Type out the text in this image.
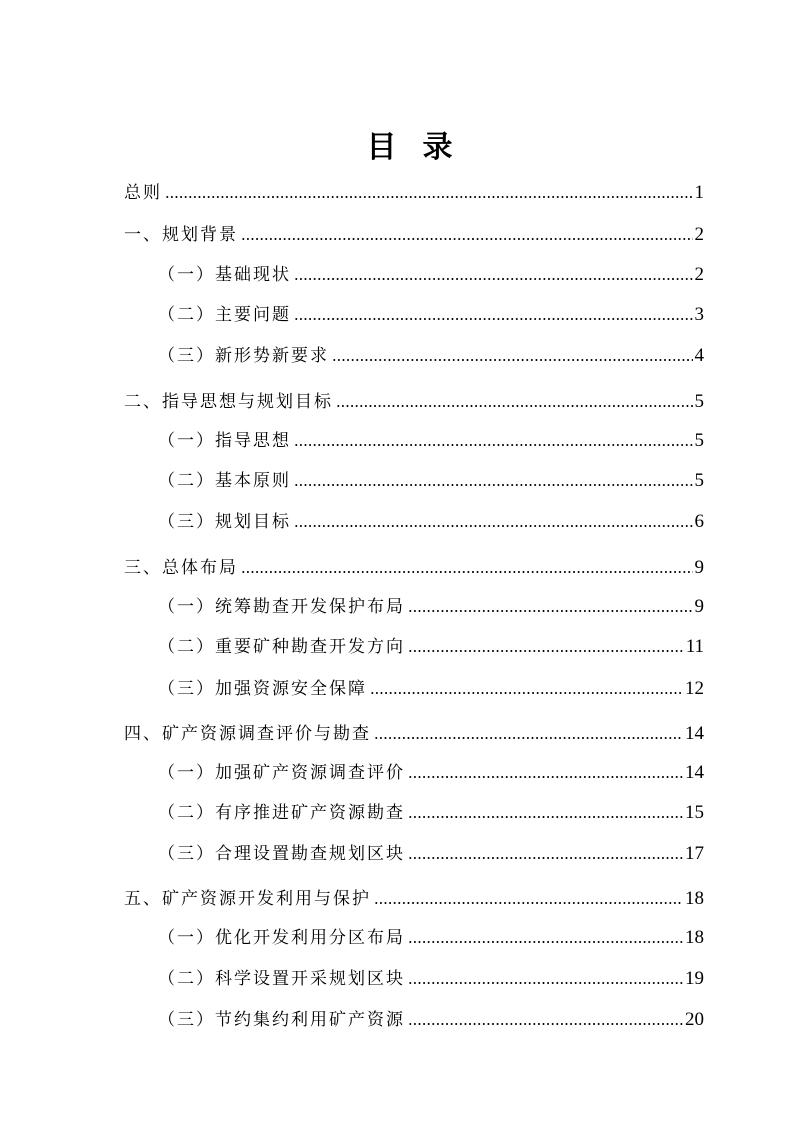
目录
总则	1
一、规划背景	2
（一）基础现状	2
（二）主要问题	3
（三）新形势新要求	4
二、指导思想与规划目标	5
（一）指导思想	5
（二）基本原则	5
（三）规划目标	6
三、总体布局	9
（一）统筹勘查开发保护布局	9
（二）重要矿种勘查开发方向	11
（三）加强资源安全保障	12
四、矿产资源调查评价与勘查	14
（一）加强矿产资源调查评价	14
（二）有序推进矿产资源勘查	15
（三）合理设置勘查规划区块	17
五、矿产资源开发利用与保护	18
（一）优化开发利用分区布局	18
（二）科学设置开采规划区块	19
（三）节约集约利用矿产资源	20
